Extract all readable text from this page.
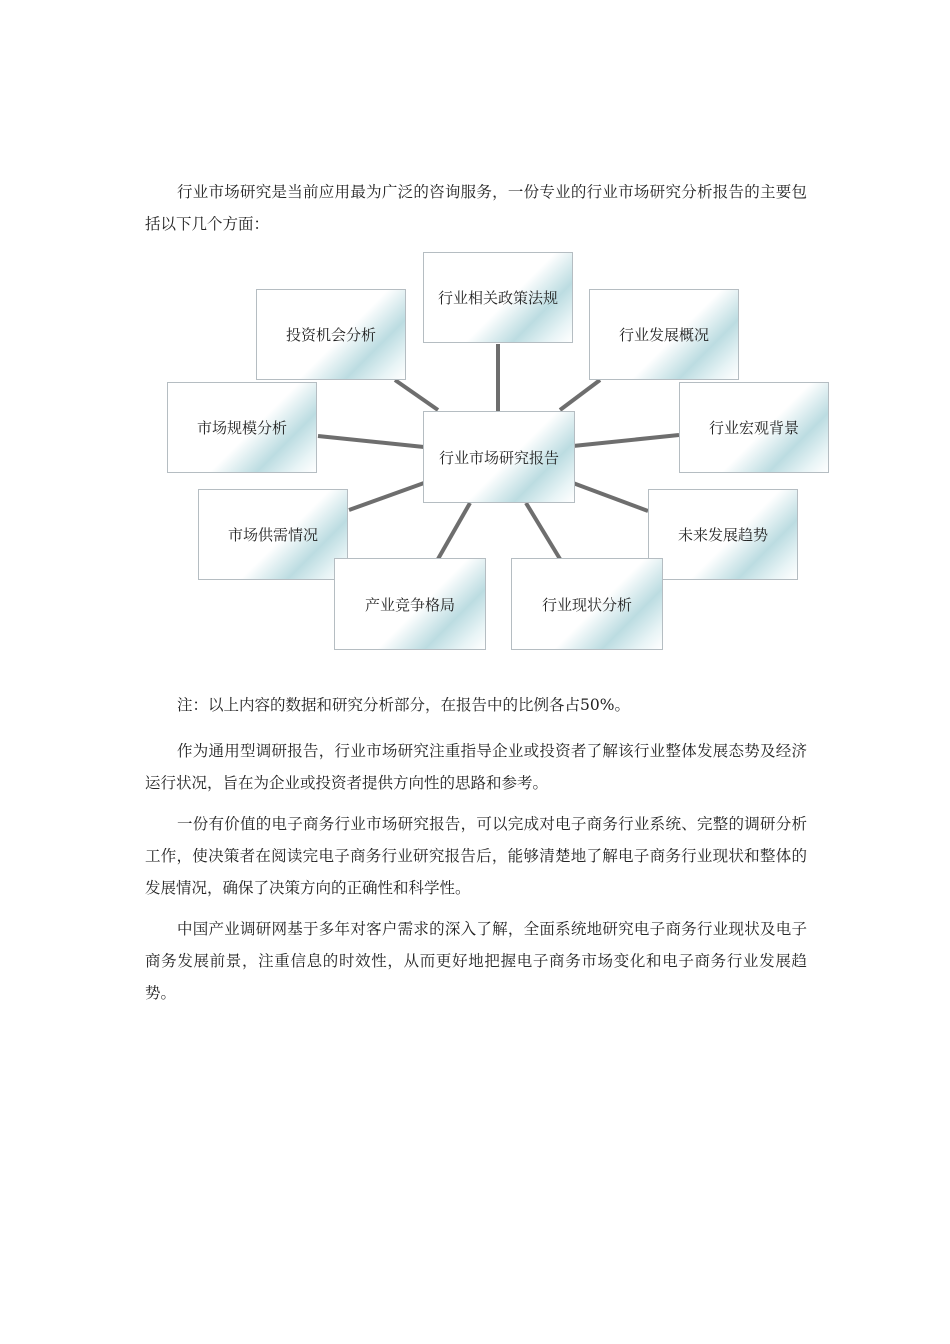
行业市场研究是当前应用最为广泛的咨询服务，一份专业的行业市场研究分析报告的主要包括以下几个方面：

行业相关政策法规
投资机会分析	行业发展概况
市场规模分析	行业宏观背景
行业市场研究报告
市场供需情况	未来发展趋势
产业竞争格局	行业现状分析

注：以上内容的数据和研究分析部分，在报告中的比例各占50%。

作为通用型调研报告，行业市场研究注重指导企业或投资者了解该行业整体发展态势及经济运行状况，旨在为企业或投资者提供方向性的思路和参考。

一份有价值的电子商务行业市场研究报告，可以完成对电子商务行业系统、完整的调研分析工作，使决策者在阅读完电子商务行业研究报告后，能够清楚地了解电子商务行业现状和整体的发展情况，确保了决策方向的正确性和科学性。

中国产业调研网基于多年对客户需求的深入了解，全面系统地研究电子商务行业现状及电子商务发展前景，注重信息的时效性，从而更好地把握电子商务市场变化和电子商务行业发展趋势。
